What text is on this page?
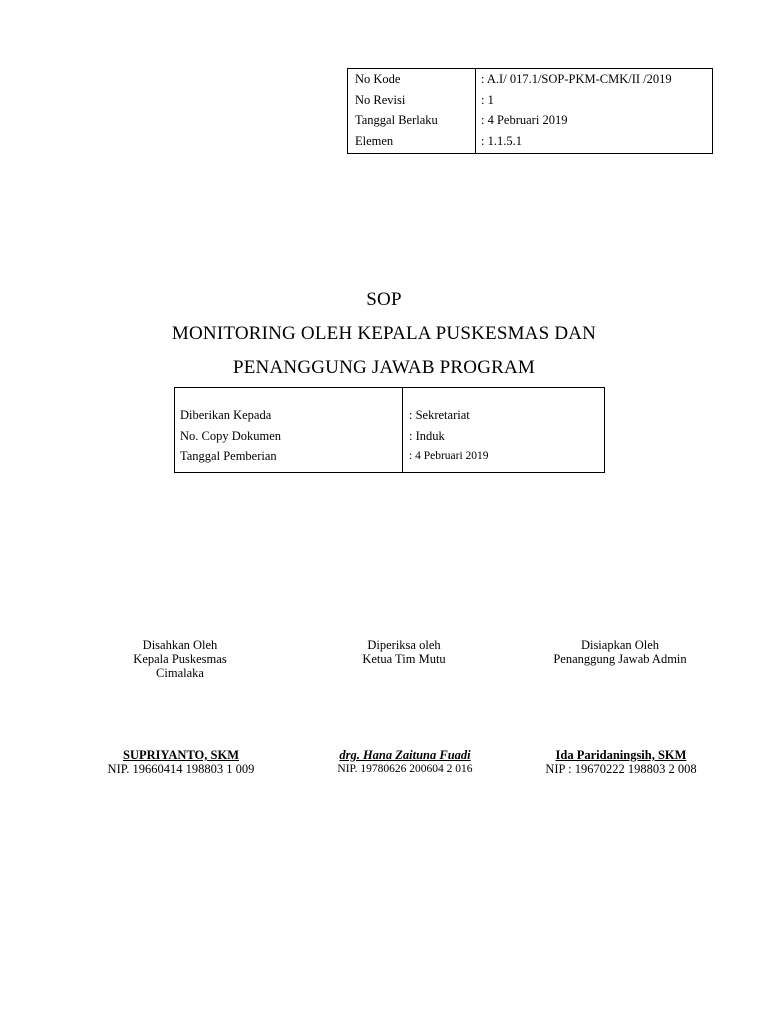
No Kode
No Revisi
Tanggal Berlaku
Elemen
: A.I/ 017.1/SOP-PKM-CMK/II /2019
: 1
: 4 Pebruari 2019
: 1.1.5.1
SOP
MONITORING OLEH KEPALA PUSKESMAS DAN
PENANGGUNG JAWAB PROGRAM
Diberikan Kepada
No. Copy Dokumen
Tanggal Pemberian
: Sekretariat
: Induk
: 4 Pebruari 2019
Disahkan Oleh
Kepala Puskesmas
Cimalaka
Diperiksa oleh
Ketua Tim Mutu
Disiapkan Oleh
Penanggung Jawab Admin
SUPRIYANTO, SKM
NIP. 19660414 198803 1 009
drg. Hana Zaituna Fuadi
NIP. 19780626 200604 2 016
Ida Paridaningsih, SKM
NIP : 19670222 198803 2 008
